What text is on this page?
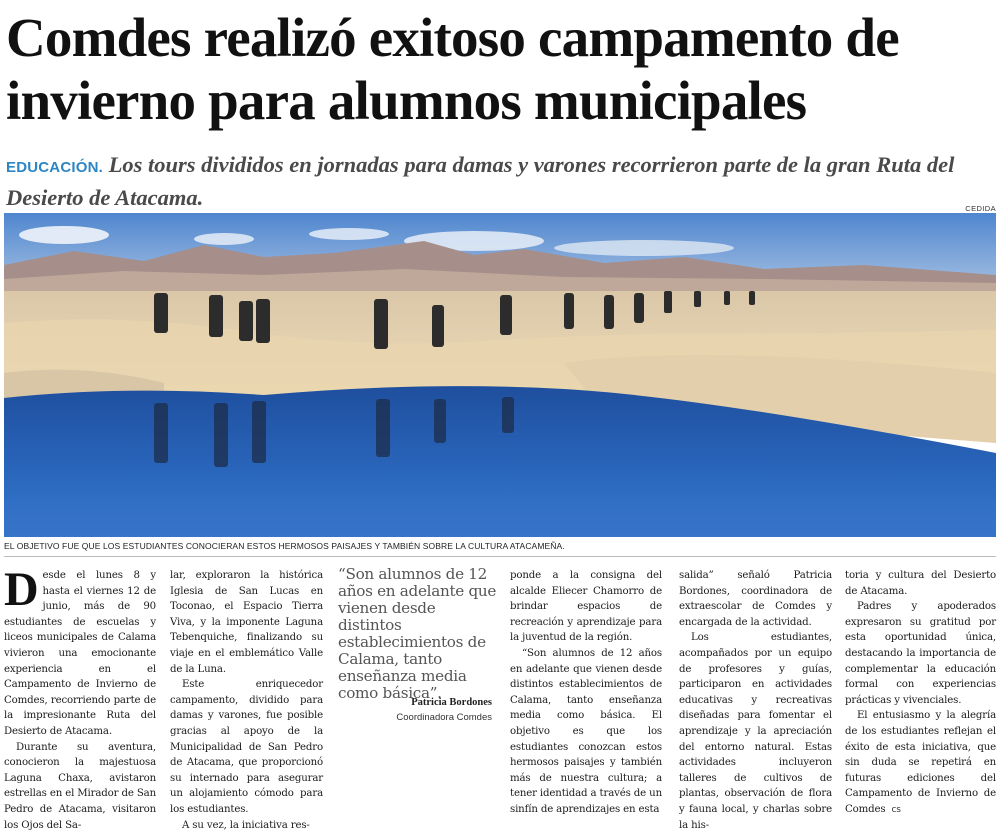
Comdes realizó exitoso campamento de invierno para alumnos municipales
EDUCACIÓN. Los tours divididos en jornadas para damas y varones recorrieron parte de la gran Ruta del Desierto de Atacama.	CEDIDA
EL OBJETIVO FUE QUE LOS ESTUDIANTES CONOCIERAN ESTOS HERMOSOS PAISAJES Y TAMBIÉN SOBRE LA CULTURA ATACAMEÑA.

Desde el lunes 8 y hasta el viernes 12 de junio, más de 90 estudiantes de escuelas y liceos municipales de Calama vivieron una emocionante experiencia en el Campamento de Invierno de Comdes, recorriendo parte de la impresionante Ruta del Desierto de Atacama.

Durante su aventura, conocieron la majestuosa Laguna Chaxa, avistaron estrellas en el Mirador de San Pedro de Atacama, visitaron los Ojos del Sa-

lar, exploraron la histórica Iglesia de San Lucas en Toconao, el Espacio Tierra Viva, y la imponente Laguna Tebenquiche, finalizando su viaje en el emblemático Valle de la Luna.

Este enriquecedor campamento, dividido para damas y varones, fue posible gracias al apoyo de la Municipalidad de San Pedro de Atacama, que proporcionó su internado para asegurar un alojamiento cómodo para los estudiantes.

A su vez, la iniciativa res-

“Son alumnos de 12 años en adelante que vienen desde distintos establecimientos de Calama, tanto enseñanza media como básica”.
Patricia Bordones
Coordinadora Comdes

ponde a la consigna del alcalde Eliecer Chamorro de brindar espacios de recreación y aprendizaje para la juventud de la región.

“Son alumnos de 12 años en adelante que vienen desde distintos establecimientos de Calama, tanto enseñanza media como básica. El objetivo es que los estudiantes conozcan estos hermosos paisajes y también más de nuestra cultura; a tener identidad a través de un sinfín de aprendizajes en esta

salida” señaló Patricia Bordones, coordinadora de extraescolar de Comdes y encargada de la actividad.

Los estudiantes, acompañados por un equipo de profesores y guías, participaron en actividades educativas y recreativas diseñadas para fomentar el aprendizaje y la apreciación del entorno natural. Estas actividades incluyeron talleres de cultivos de plantas, observación de flora y fauna local, y charlas sobre la his-

toria y cultura del Desierto de Atacama.

Padres y apoderados expresaron su gratitud por esta oportunidad única, destacando la importancia de complementar la educación formal con experiencias prácticas y vivenciales.

El entusiasmo y la alegría de los estudiantes reflejan el éxito de esta iniciativa, que sin duda se repetirá en futuras ediciones del Campamento de Invierno de Comdes cs
